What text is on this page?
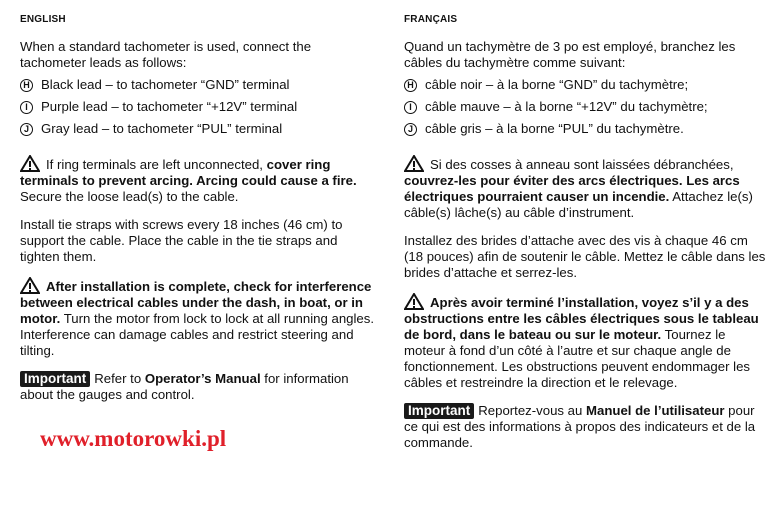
ENGLISH

When a standard tachometer is used, connect the tachometer leads as follows:

H Black lead – to tachometer “GND” terminal

I	Purple lead – to tachometer “+12V” terminal

J Gray lead – to tachometer “PUL” terminal

If ring terminals are left unconnected, cover ring terminals to prevent arcing. Arcing could cause a fire. Secure the loose lead(s) to the cable.

Install tie straps with screws every 18 inches (46 cm) to support the cable. Place the cable in the tie straps and tighten them.

After installation is complete, check for interference between electrical cables under the dash, in boat, or in motor. Turn the motor from lock to lock at all running angles. Interference can damage cables and restrict steering and tilting.

Important Refer to Operator’s Manual for information about the gauges and control.

FRANÇAIS

Quand un tachymètre de 3 po est employé, branchez les câbles du tachymètre comme suivant:

H câble noir – à la borne “GND” du tachymètre;

I	câble mauve – à la borne “+12V” du tachymètre;

J câble gris – à la borne “PUL” du tachymètre.

Si des cosses à anneau sont laissées débranchées, couvrez-les pour éviter des arcs électriques. Les arcs électriques pourraient causer un incendie. Attachez le(s) câble(s) lâche(s) au câble d’instrument.

Installez des brides d’attache avec des vis à chaque 46 cm (18 pouces) afin de soutenir le câble. Mettez le câble dans les brides d’attache et serrez-les.

Après avoir terminé l’installation, voyez s’il y a des obstructions entre les câbles électriques sous le tableau de bord, dans le bateau ou sur le moteur. Tournez le moteur à fond d’un côté à l’autre et sur chaque angle de fonctionnement. Les obstructions peuvent endommager les câbles et restreindre la direction et le relevage.

Important Reportez-vous au Manuel de l’utilisateur pour ce qui est des informations à propos des indicateurs et de la commande.

www.motorowki.pl
